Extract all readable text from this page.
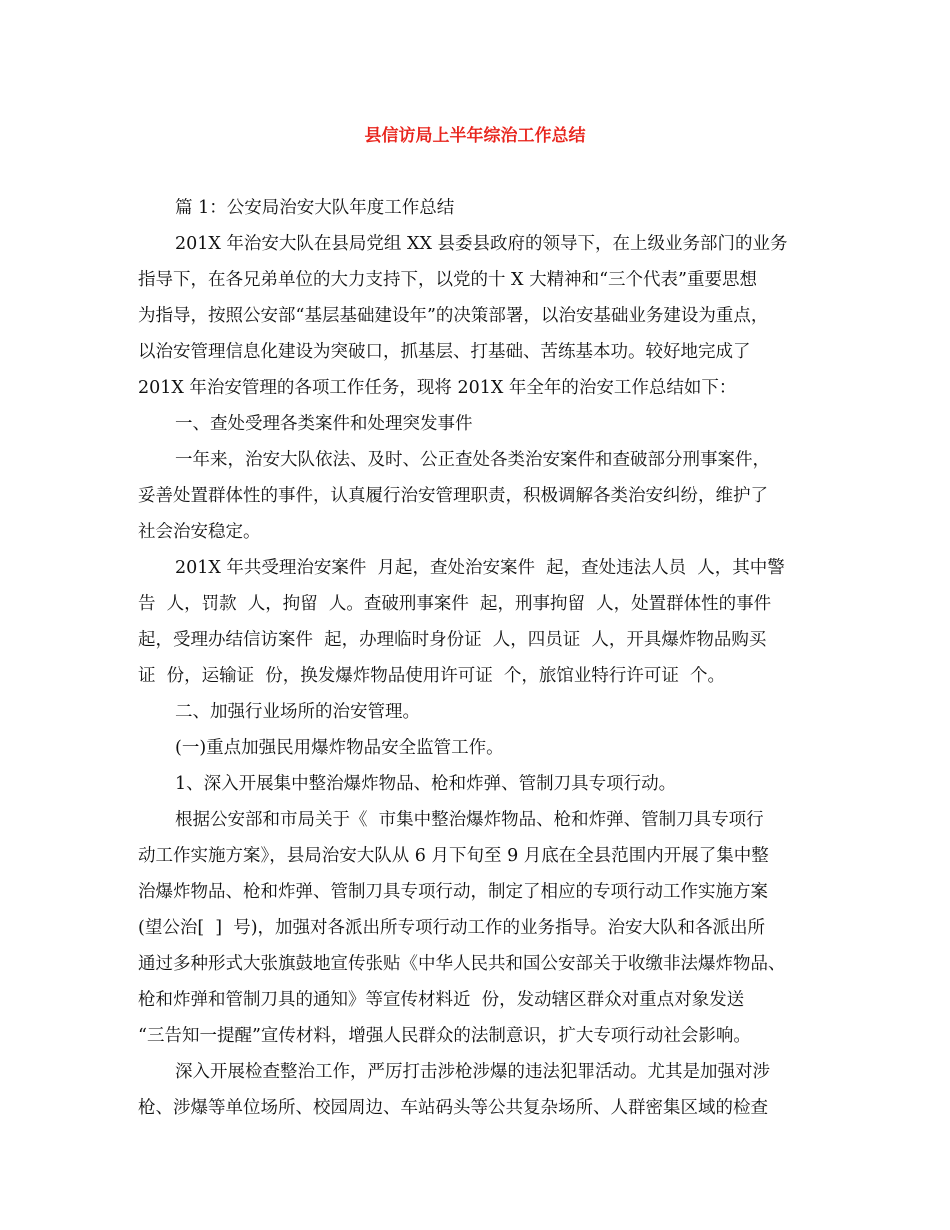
县信访局上半年综治工作总结

篇 1：公安局治安大队年度工作总结

201X 年治安大队在县局党组 XX 县委县政府的领导下，在上级业务部门的业务

指导下，在各兄弟单位的大力支持下，以党的十 X 大精神和“三个代表”重要思想

为指导，按照公安部“基层基础建设年”的决策部署，以治安基础业务建设为重点，

以治安管理信息化建设为突破口，抓基层、打基础、苦练基本功。较好地完成了

201X 年治安管理的各项工作任务，现将 201X 年全年的治安工作总结如下：

一、查处受理各类案件和处理突发事件

一年来，治安大队依法、及时、公正查处各类治安案件和查破部分刑事案件，

妥善处置群体性的事件，认真履行治安管理职责，积极调解各类治安纠纷，维护了

社会治安稳定。

201X 年共受理治安案件  月起，查处治安案件  起，查处违法人员  人，其中警

告  人，罚款  人，拘留  人。查破刑事案件  起，刑事拘留  人，处置群体性的事件

起，受理办结信访案件  起，办理临时身份证  人，四员证  人，开具爆炸物品购买

证  份，运输证  份，换发爆炸物品使用许可证  个，旅馆业特行许可证  个。

二、加强行业场所的治安管理。

(一)重点加强民用爆炸物品安全监管工作。

1、深入开展集中整治爆炸物品、枪和炸弹、管制刀具专项行动。

根据公安部和市局关于《  市集中整治爆炸物品、枪和炸弹、管制刀具专项行

动工作实施方案》，县局治安大队从 6 月下旬至 9 月底在全县范围内开展了集中整

治爆炸物品、枪和炸弹、管制刀具专项行动，制定了相应的专项行动工作实施方案

(望公治[  ]  号)，加强对各派出所专项行动工作的业务指导。治安大队和各派出所

通过多种形式大张旗鼓地宣传张贴《中华人民共和国公安部关于收缴非法爆炸物品、

枪和炸弹和管制刀具的通知》等宣传材料近  份，发动辖区群众对重点对象发送

“三告知一提醒”宣传材料，增强人民群众的法制意识，扩大专项行动社会影响。

深入开展检查整治工作，严厉打击涉枪涉爆的违法犯罪活动。尤其是加强对涉

枪、涉爆等单位场所、校园周边、车站码头等公共复杂场所、人群密集区域的检查
